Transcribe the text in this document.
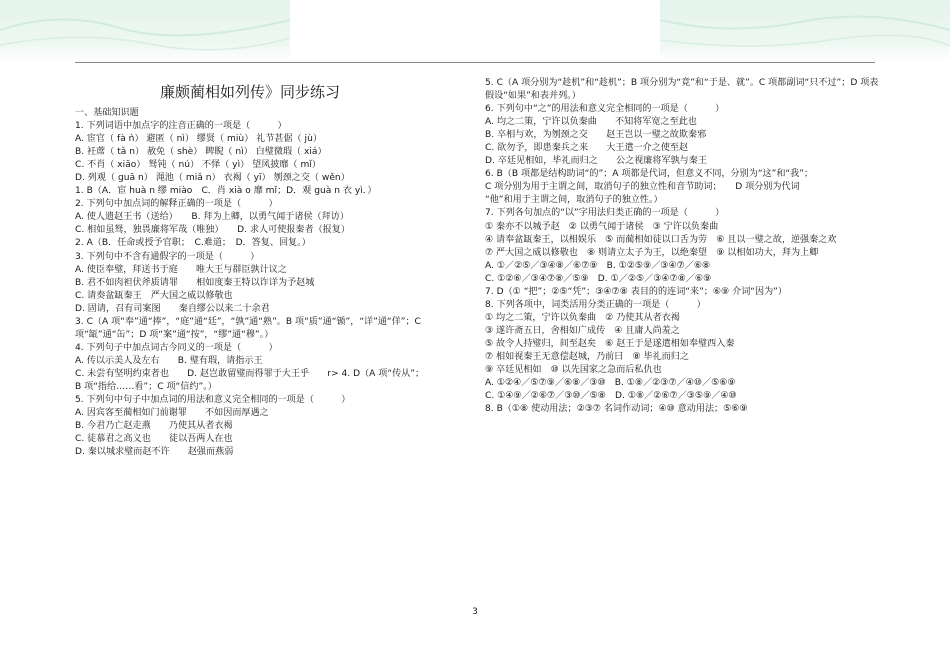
廉颇蔺相如列传》同步练习
一、基础知识题
1. 下列词语中加点字的注音正确的一项是（　　　）
A. 宦官（ fà ǹ） 避匿（ nì） 缪贤（ miù） 礼节甚倨（ jù）
B. 衽蓆（ tǎ n） 赦免（ shè） 睥睨（ nì） 白璧微瑕（ xiá）
C. 不肖（ xiāo） 驽钝（ nú） 不怿（ yì） 望风披靡（ mǐ）
D. 列观（ guā n） 渑池（ miǎ n） 衣褐（ yī） 刎颈之交（ wěn）
1. B（A．宦 huà n 缪 miào　C．肖 xià o 靡 mǐ；D．观 guà n 衣 yì．）
2. 下列句中加点词的解释正确的一项是（　　　）
A. 使人遗赵王书（送给）　　B. 拜为上卿，以勇气闻于诸侯（拜访）
C. 相如虽驽，独畏廉将军哉（唯独）　　D. 求人可使报秦者（报复）
2. A（B．任命或授予官职；　C.难道；　D．答复、回复。）
3. 下列句中不含有通假字的一项是（　　　）
A. 使臣奉璧，拜送书于庭　　唯大王与群臣孰计议之
B. 君不如肉袒伏斧质请罪　　相如度秦王特以诈详为予赵城
C. 请奏盆缻秦王　严大国之威以修敬也
D. 固请，召有司案图　　秦自缪公以来二十余君
3. C（A 项“奉”通“捧”，“庭”通“廷”，“孰”通“熟”。B 项“质”通“锧”，“详”通“佯”；C 项“缻”通“缶”；D 项“案”通“按”，“缪”通“穆”。）
4. 下列句子中加点词古今同义的一项是（　　　）
A. 传以示美人及左右　　B. 璧有瑕，请指示王
C. 未尝有坚明约束者也　　D. 赵岂敢留璧而得罪于大王乎　　r> 4. D（A 项“传从”；
B 项“指给……看”；C 项“信约”。）
5. 下列句中句子中加点词的用法和意义完全相同的一项是（　　　）
A. 因宾客至蔺相如门前谢罪　　不如因而厚遇之
B. 今君乃亡赵走燕　　乃使其从者衣褐
C. 徒慕君之高义也　　徒以吾两人在也
D. 秦以城求璧而赵不许　　赵强而燕弱
5. C（A 项分别为“趁机”和“趁机”；B 项分别为“竟”和“于是、就”。C 项都副词“只不过”；D 项表假设“如果”和表并列。）
6. 下列句中“之”的用法和意义完全相同的一项是（　　　）
A. 均之二策，宁许以负秦曲　　不知将军宽之至此也
B. 卒相与欢，为刎颈之交　　赵王岂以一璧之故欺秦邪
C. 欲勿予，即患秦兵之来　　大王遣一介之使至赵
D. 卒廷见相如，毕礼而归之　　公之视廉将军孰与秦王
6. B（B 项都是结构助词“的”；A 项都是代词，但意义不同，分别为“这”和“我”；
C 项分别为用于主谓之间，取消句子的独立性和音节助词；　　D 项分别为代词
“他”和用于主谓之间，取消句子的独立性。）
7. 下列各句加点的“以”字用法归类正确的一项是（　　　）
① 秦亦不以城予赵　② 以勇气闻于诸侯　③ 宁许以负秦曲
④ 请奉盆缻秦王，以相娱乐　⑤ 而蔺相如徒以口舌为劳　⑥ 且以一璧之故，逆强秦之欢
⑦ 严大国之威以修敬也　⑧ 则请立太子为王，以绝秦望　⑨ 以相如功大，拜为上卿
A. ①／②⑤／③④⑧／⑥⑦⑨　B. ①②⑤⑨／③④⑦／⑥⑧
C. ①②⑥／③④⑦⑧／⑤⑨　D. ①／②⑤／③④⑦⑧／⑥⑨
7. D（① “把”；②⑤“凭”；③④⑦⑧ 表目的的连词“来”；⑥⑨ 介词“因为”）
8. 下列各项中，词类活用分类正确的一项是（　　　）
① 均之二策，宁许以负秦曲　② 乃使其从者衣褐
③ 遂许斋五日，舍相如广成传　④ 且庸人尚羞之
⑤ 故令人持璧归，间至赵矣　⑥ 赵王于是遂遣相如奉璧西入秦
⑦ 相如视秦王无意偿赵城，乃前曰　⑧ 毕礼而归之
⑨ 卒廷见相如　⑩ 以先国家之急而后私仇也
A. ①②④／⑤⑦⑨／⑥⑧／③⑩　B. ①⑧／②③⑦／④⑩／⑤⑥⑨
C. ①④⑨／②⑥⑦／③⑩／⑤⑧　D. ①⑧／②⑥⑦／③⑤⑨／④⑩
8. B（①⑧ 使动用法；②③⑦ 名词作动词；④⑩ 意动用法；⑤⑥⑨
3
